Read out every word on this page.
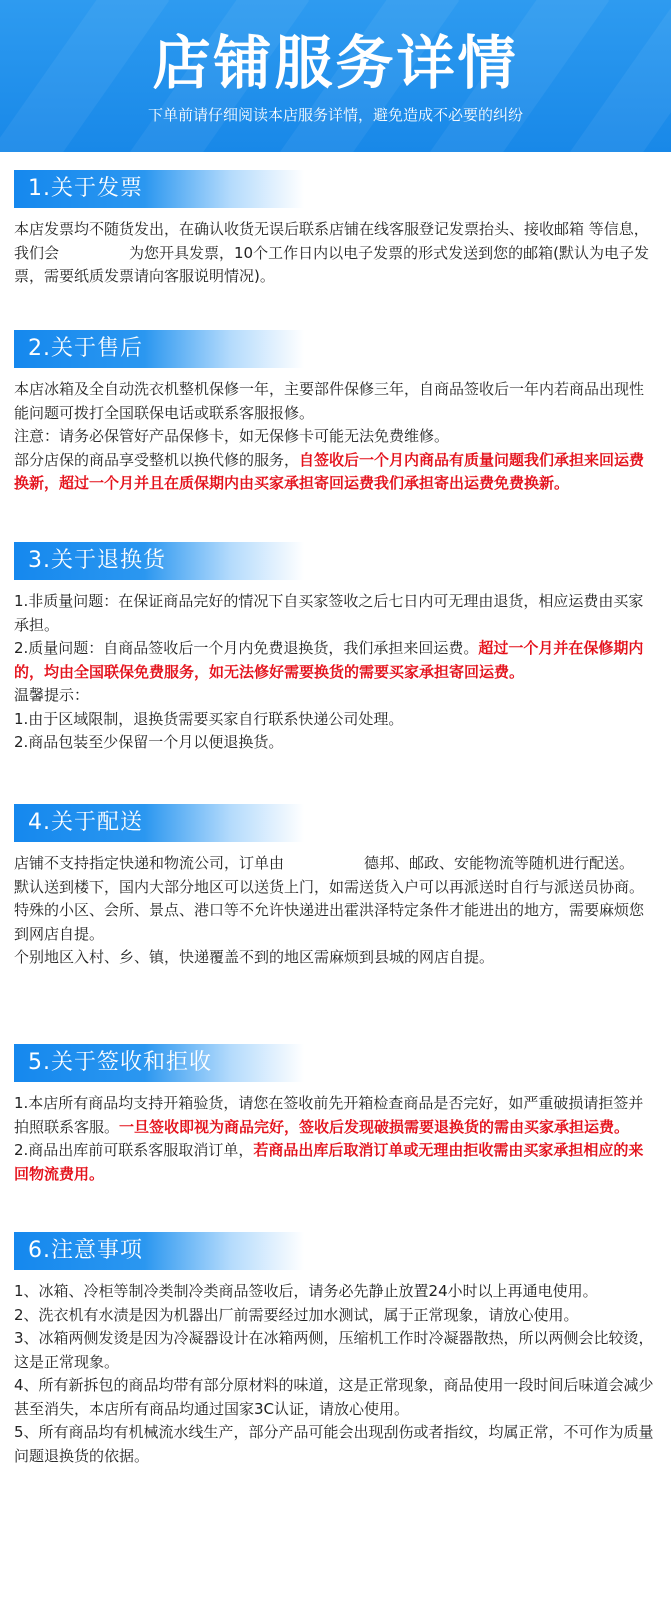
店铺服务详情
下单前请仔细阅读本店服务详情，避免造成不必要的纠纷
1.关于发票

本店发票均不随货发出，在确认收货无误后联系店铺在线客服登记发票抬头、接收邮箱 等信息，我们会	为您开具发票，10个工作日内以电子发票的形式发送到您的邮箱(默认为电子发票，需要纸质发票请向客服说明情况)。

2.关于售后

本店冰箱及全自动洗衣机整机保修一年，主要部件保修三年，自商品签收后一年内若商品出现性能问题可拨打全国联保电话或联系客服报修。

注意：请务必保管好产品保修卡，如无保修卡可能无法免费维修。

部分店保的商品享受整机以换代修的服务，自签收后一个月内商品有质量问题我们承担来回运费换新，超过一个月并且在质保期内由买家承担寄回运费我们承担寄出运费免费换新。

3.关于退换货

1.非质量问题：在保证商品完好的情况下自买家签收之后七日内可无理由退货，相应运费由买家承担。

2.质量问题：自商品签收后一个月内免费退换货，我们承担来回运费。超过一个月并在保修期内的，均由全国联保免费服务，如无法修好需要换货的需要买家承担寄回运费。

温馨提示：

1.由于区域限制，退换货需要买家自行联系快递公司处理。

2.商品包装至少保留一个月以便退换货。

4.关于配送

店铺不支持指定快递和物流公司，订单由	德邦、邮政、安能物流等随机进行配送。

默认送到楼下，国内大部分地区可以送货上门，如需送货入户可以再派送时自行与派送员协商。

特殊的小区、会所、景点、港口等不允许快递进出霍洪泽特定条件才能进出的地方，需要麻烦您到网店自提。

个别地区入村、乡、镇，快递覆盖不到的地区需麻烦到县城的网店自提。

5.关于签收和拒收

1.本店所有商品均支持开箱验货，请您在签收前先开箱检查商品是否完好，如严重破损请拒签并拍照联系客服。一旦签收即视为商品完好，签收后发现破损需要退换货的需由买家承担运费。

2.商品出库前可联系客服取消订单，若商品出库后取消订单或无理由拒收需由买家承担相应的来回物流费用。

6.注意事项

1、冰箱、冷柜等制冷类制冷类商品签收后，请务必先静止放置24小时以上再通电使用。

2、洗衣机有水渍是因为机器出厂前需要经过加水测试，属于正常现象，请放心使用。

3、冰箱两侧发烫是因为冷凝器设计在冰箱两侧，压缩机工作时冷凝器散热，所以两侧会比较烫，这是正常现象。

4、所有新拆包的商品均带有部分原材料的味道，这是正常现象，商品使用一段时间后味道会减少甚至消失，本店所有商品均通过国家3C认证，请放心使用。

5、所有商品均有机械流水线生产，部分产品可能会出现刮伤或者指纹，均属正常，不可作为质量问题退换货的依据。
